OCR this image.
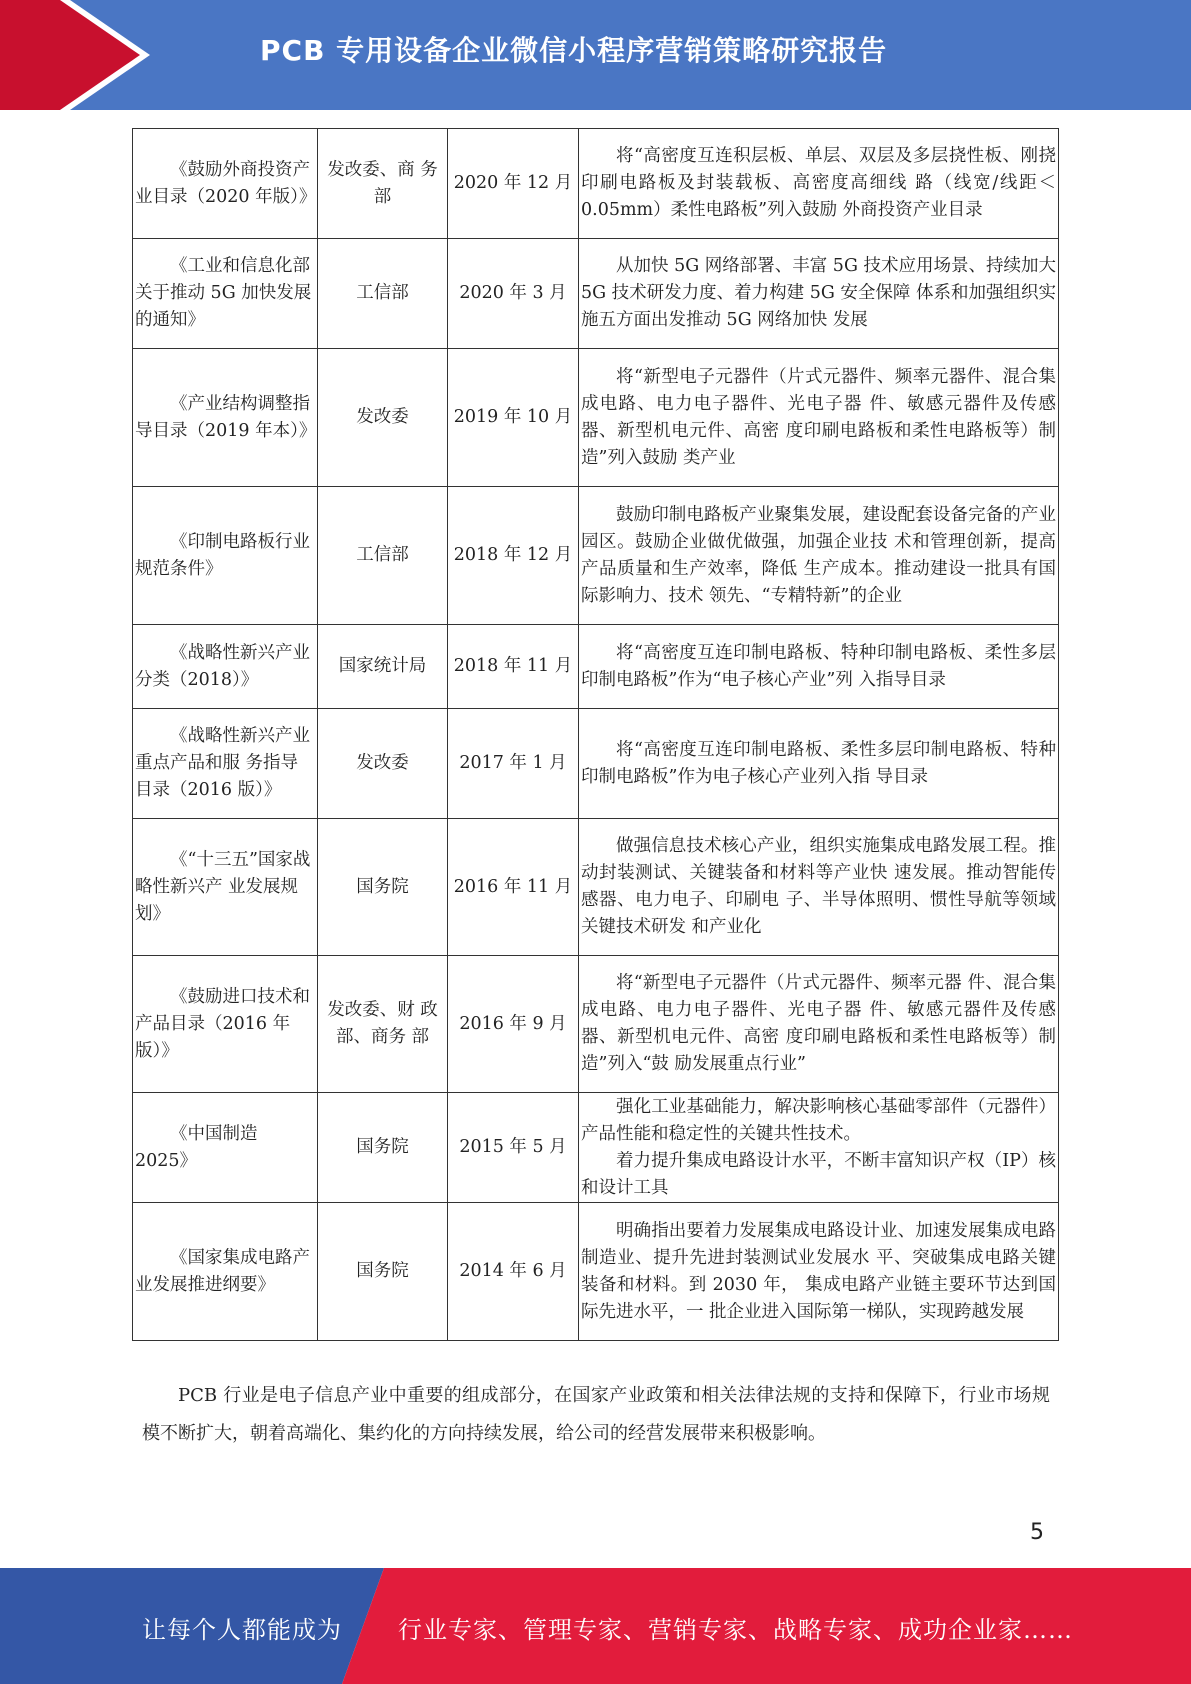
PCB 专用设备企业微信小程序营销策略研究报告
《鼓励外商投资产业目录（2020 年版）》	发改委、商 务部	2020 年 12 月	将“高密度互连积层板、单层、双层及多层挠性板、刚挠印刷电路板及封装载板、高密度高细线 路（线宽/线距＜0.05mm）柔性电路板”列入鼓励 外商投资产业目录

《工业和信息化部关于推动 5G 加快发展的通知》	工信部	2020 年 3 月	从加快 5G 网络部署、丰富 5G 技术应用场景、持续加大 5G 技术研发力度、着力构建 5G 安全保障 体系和加强组织实施五方面出发推动 5G 网络加快 发展

《产业结构调整指导目录（2019 年本）》	发改委	2019 年 10 月	将“新型电子元器件（片式元器件、频率元器件、混合集成电路、电力电子器件、光电子器 件、敏感元器件及传感器、新型机电元件、高密 度印刷电路板和柔性电路板等）制造”列入鼓励 类产业

《印制电路板行业规范条件》	工信部	2018 年 12 月	鼓励印制电路板产业聚集发展，建设配套设备完备的产业园区。鼓励企业做优做强，加强企业技 术和管理创新，提高产品质量和生产效率，降低 生产成本。推动建设一批具有国际影响力、技术 领先、“专精特新”的企业

《战略性新兴产业分类（2018）》	国家统计局	2018 年 11 月	将“高密度互连印制电路板、特种印制电路板、柔性多层印制电路板”作为“电子核心产业”列 入指导目录

《战略性新兴产业重点产品和服 务指导目录（2016 版）》	发改委	2017 年 1 月	将“高密度互连印制电路板、柔性多层印制电路板、特种印制电路板”作为电子核心产业列入指 导目录

《“十三五”国家战略性新兴产 业发展规划》	国务院	2016 年 11 月	做强信息技术核心产业，组织实施集成电路发展工程。推动封装测试、关键装备和材料等产业快 速发展。推动智能传感器、电力电子、印刷电 子、半导体照明、惯性导航等领域关键技术研发 和产业化

《鼓励进口技术和产品目录（2016 年版）》	发改委、财 政部、商务 部	2016 年 9 月	将“新型电子元器件（片式元器件、频率元器 件、混合集成电路、电力电子器件、光电子器 件、敏感元器件及传感器、新型机电元件、高密 度印刷电路板和柔性电路板等）制造”列入“鼓 励发展重点行业”

《中国制造 2025》	国务院	2015 年 5 月	强化工业基础能力，解决影响核心基础零部件（元器件）产品性能和稳定性的关键共性技术。

着力提升集成电路设计水平，不断丰富知识产权（IP）核和设计工具

《国家集成电路产业发展推进纲要》	国务院	2014 年 6 月	明确指出要着力发展集成电路设计业、加速发展集成电路制造业、提升先进封装测试业发展水 平、突破集成电路关键装备和材料。到 2030 年， 集成电路产业链主要环节达到国际先进水平，一 批企业进入国际第一梯队，实现跨越发展

PCB 行业是电子信息产业中重要的组成部分，在国家产业政策和相关法律法规的支持和保障下，行业市场规模不断扩大，朝着高端化、集约化的方向持续发展，给公司的经营发展带来积极影响。

5
让每个人都能成为 行业专家、管理专家、营销专家、战略专家、成功企业家……
